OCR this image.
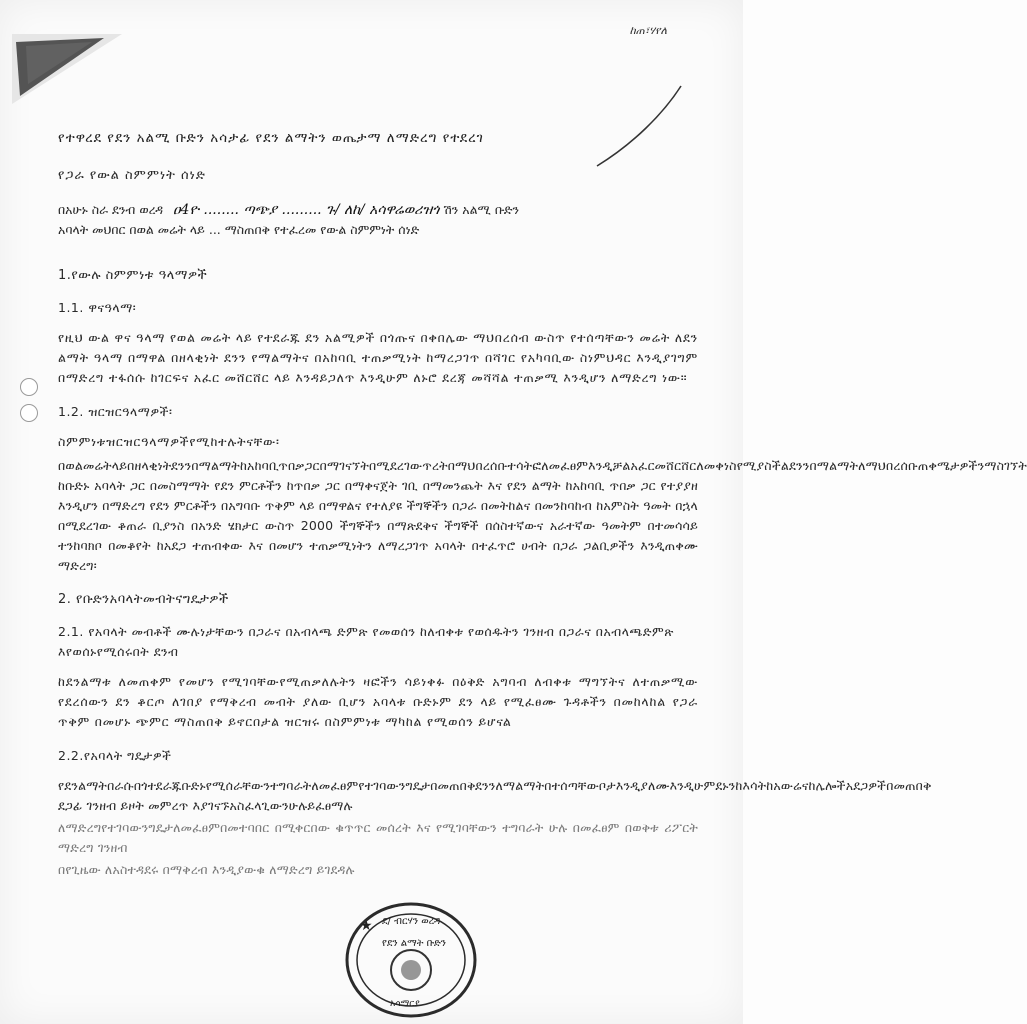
ከጠ፣ሃየለ
የተዋረደ የደን አልሚ ቡድን አሳታፊ የደን ልማትን ወጤታማ ለማድረግ የተደረገ
የጋራ የውል ስምምነት ሰነድ
በአሁኑ ስራ ደንብ ወረዳ ዐ4ዮ ........ ጣጭያ ......... ጉ/ ለከ/ አሳዋሬወሪዝጎ ሽን አልሚ ቡድን
አባላት መህበር በወል መሬት ላይ ... ማስጠበቅ የተፈረመ የውል ስምምነት ሰነድ
1.የውሉ ስምምነቱ ዓላማዎች
1.1. ዋናዓላማ፡

የዚህ ውል ዋና ዓላማ የወል መሬት ላይ የተደራጁ ደን አልሚዎች በጎጡና በቀበሌው ማህበረሰብ ውስጥ የተሰጣቸውን መሬት ለደን ልማት ዓላማ በማዋል በዘላቂነት ደንን የማልማትና በአከባቢ ተጠቃሚነት ከማረጋገጥ በሻገር የአካባቢው ስነምህዳር እንዲያገግም በማድረግ ተፋሰሱ ከገርፍና አፈር መሸርሸር ላይ እንዳይጋለጥ እንዲሁም ለኑሮ ደረጃ መሻሻል ተጠቃሚ እንዲሆን ለማድረግ ነው።

1.2. ዝርዝርዓላማዎች፡

ስምምነቱዝርዝርዓላማዎችየሚከተሉትናቸው፡

በወልመሬትላይበዘላቂነትደንንበማልማትከአከባቢጥበቃጋርበማገናኘትበሚደረገውጥረትበማህበረሰቡተሳትፎለመፈፀምእንዲቻልአፈርመሸርሸርለመቀነስየሚያስችልደንንበማልማትለማህበረሰቡጠቀሜታዎችንማስገኘት ከቡድኑ አባላት ጋር በመስማማት የደን ምርቶችን ከጥበቃ ጋር በማቀናጀት ገቢ በማመንጨት እና የደን ልማት ከአከባቢ ጥበቃ ጋር የተያያዘ እንዲሆን በማድረግ የደን ምርቶችን በአግባቡ ጥቅም ላይ በማዋልና የተለያዩ ችግኞችን በጋራ በመትከልና በመንከባከብ ከአምስት ዓመት በኋላ በሚደረገው ቆጠራ ቢያንስ በአንድ ሄክታር ውስጥ 2000 ችግኞችን በማጽደቅና ችግኞች በሰስተኛውና አራተኛው ዓመትም በተመሳሳይ ተንከባክቦ በመቆየት ከአደጋ ተጠብቀው እና በመሆን ተጠቃሚነትን ለማረጋገጥ አባላት በተፈጥሮ ሀብት በጋራ ጋልቢዎችን እንዲጠቀሙ ማድረግ፡

2. የቡድንአባላትመብትናግዴታዎች
2.1. የአባላት መብቶች ሙሉነታቸውን በጋራና በአብላጫ ድምጽ የመወሰን ከለብቀቱ የወሰዱትን ገንዘብ በጋራና በአብላጫድምጽ እየወሰኑየሚሰሩበት ደንብ

ከደንልማቱ ለመጠቀም የመሆን የሚገባቸውየሚጠቃለሉትን ዛፎችን ሳይነቀፉ በዕቅድ አግባብ ለብቀቱ ማግኘትና ለተጠቃሚው የደረሰውን ደን ቆርጦ ለገበያ የማቅረብ መብት ያለው ቢሆን አባላቱ ቡድኑም ደን ላይ የሚፈፀሙ ጉዳቶችን በመከላከል የጋራ ጥቅም በመሆኑ ጭምር ማስጠበቅ ይኖርበታል ዝርዝሩ በስምምነቱ ማካከል የሚወሰን ይሆናል

2.2.የአባላት ግዴታዎች

የደንልማትበራሱበጎተደራጁቡድኑየሚሰራቸውንተግባራትለመፈፀምየተገባውንግዴታበመጠበቅደንንለማልማትበተሰጣቸውቦታእንዲያለሙእንዲሁምደኑንከእሳትከአውሬናከሌሎችአደጋዎችበመጠበቅ ደጋፊ ገንዘብ ይዞት መምረጥ እያገናኙአስፈላጊውንሁሉይፈፀማሉ

ለማድረግየተገባውንግዴታለመፈፀምበመተባበር በሚቀርበው ቁጥጥር መሰረት እና የሚገባቸውን ተግባራት ሁሉ በመፈፀም በወቅቱ ሪፖርት ማድረግ ገንዘብ

በየጊዜው ለአስተዳደሩ በማቅረብ እንዲያውቁ ለማድረግ ይገደዳሉ

★ ደ/ ብርሃን ወረዳ
የደን ልማት ቡድን
አሳማርያ
